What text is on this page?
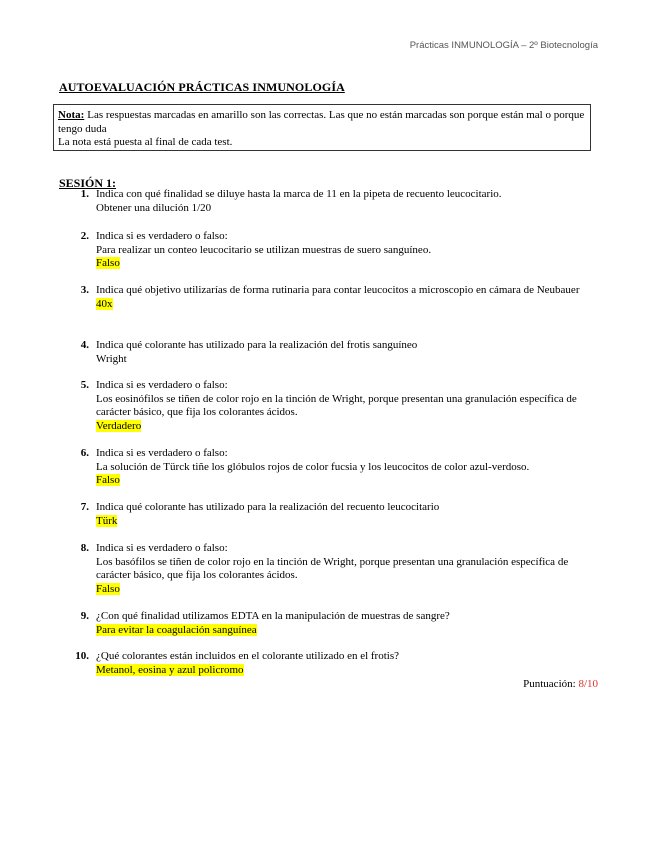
Prácticas INMUNOLOGÍA – 2º Biotecnología
AUTOEVALUACIÓN PRÁCTICAS INMUNOLOGÍA
Nota: Las respuestas marcadas en amarillo son las correctas. Las que no están marcadas son porque están mal o porque tengo duda
La nota está puesta al final de cada test.
SESIÓN 1:
1. Indica con qué finalidad se diluye hasta la marca de 11 en la pipeta de recuento leucocitario.
Obtener una dilución 1/20
2. Indica si es verdadero o falso:
Para realizar un conteo leucocitario se utilizan muestras de suero sanguíneo.
Falso
3. Indica qué objetivo utilizarías de forma rutinaria para contar leucocitos a microscopio en cámara de Neubauer
40x
4. Indica qué colorante has utilizado para la realización del frotis sanguíneo
Wright
5. Indica si es verdadero o falso:
Los eosinófilos se tiñen de color rojo en la tinción de Wright, porque presentan una granulación específica de carácter básico, que fija los colorantes ácidos.
Verdadero
6. Indica si es verdadero o falso:
La solución de Türck tiñe los glóbulos rojos de color fucsia y los leucocitos de color azul-verdoso.
Falso
7. Indica qué colorante has utilizado para la realización del recuento leucocitario
Türk
8. Indica si es verdadero o falso:
Los basófilos se tiñen de color rojo en la tinción de Wright, porque presentan una granulación específica de carácter básico, que fija los colorantes ácidos.
Falso
9. ¿Con qué finalidad utilizamos EDTA en la manipulación de muestras de sangre?
Para evitar la coagulación sanguínea
10. ¿Qué colorantes están incluidos en el colorante utilizado en el frotis?
Metanol, eosina y azul policromo
Puntuación: 8/10
